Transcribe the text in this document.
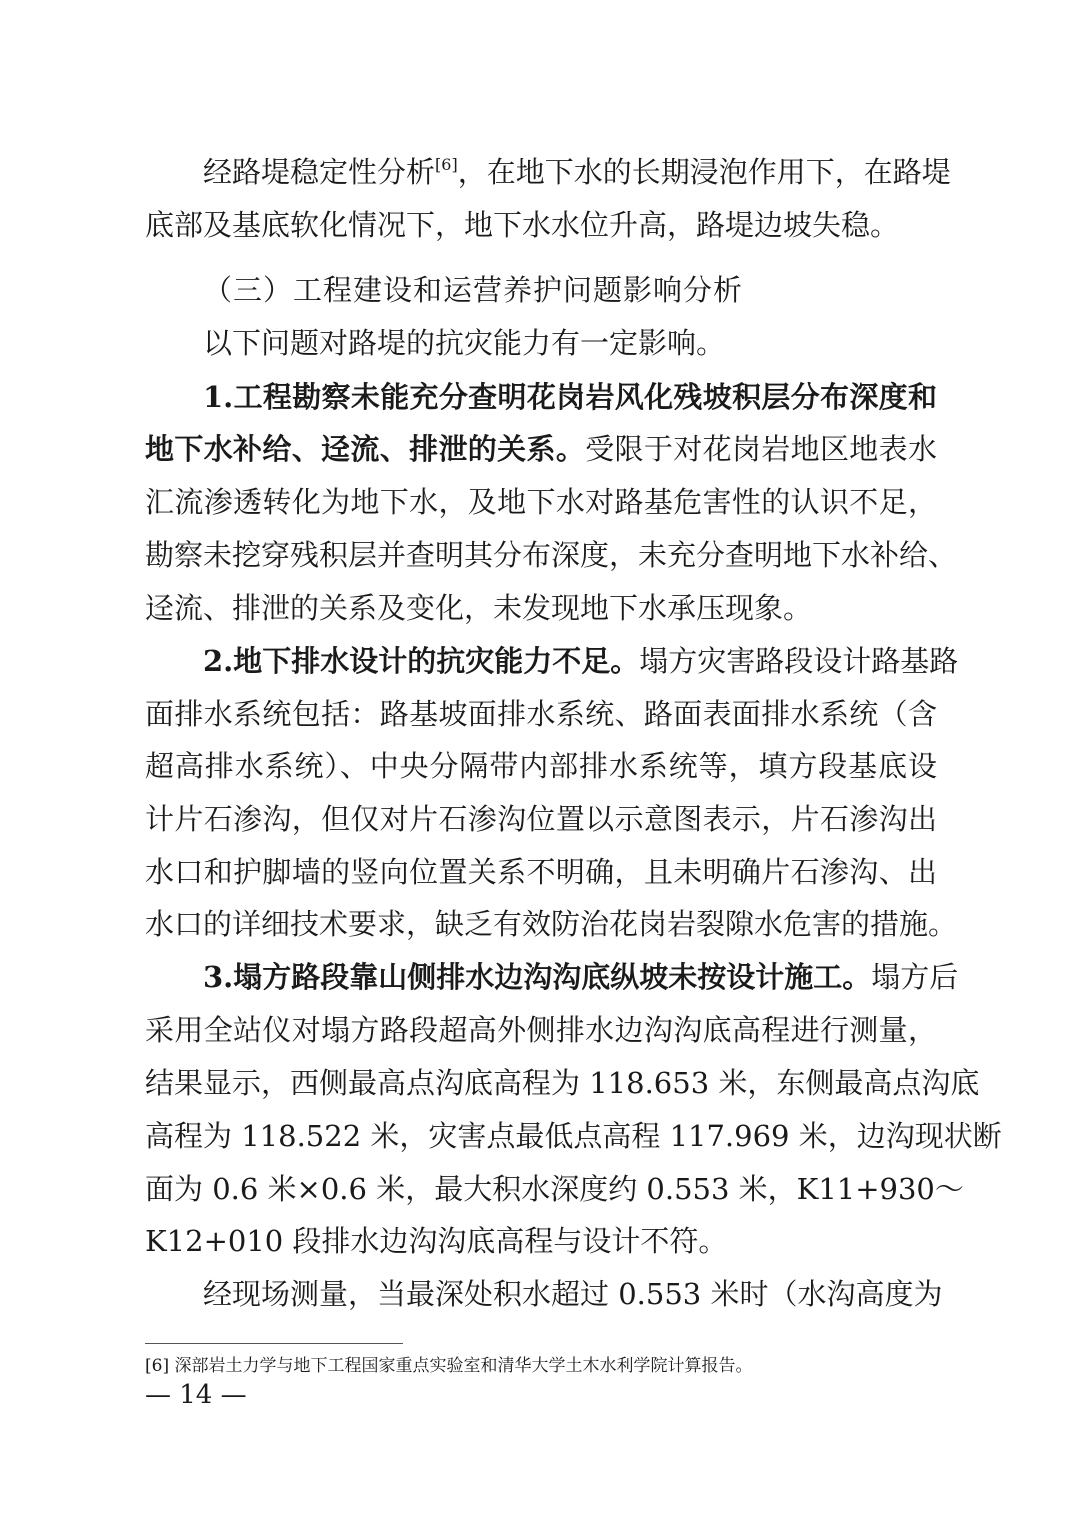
经路堤稳定性分析[6]，在地下水的长期浸泡作用下，在路堤
底部及基底软化情况下，地下水水位升高，路堤边坡失稳。
（三）工程建设和运营养护问题影响分析
以下问题对路堤的抗灾能力有一定影响。
1.工程勘察未能充分查明花岗岩风化残坡积层分布深度和
地下水补给、迳流、排泄的关系。受限于对花岗岩地区地表水
汇流渗透转化为地下水，及地下水对路基危害性的认识不足，
勘察未挖穿残积层并查明其分布深度，未充分查明地下水补给、
迳流、排泄的关系及变化，未发现地下水承压现象。
2.地下排水设计的抗灾能力不足。塌方灾害路段设计路基路
面排水系统包括：路基坡面排水系统、路面表面排水系统（含
超高排水系统）、中央分隔带内部排水系统等，填方段基底设
计片石渗沟，但仅对片石渗沟位置以示意图表示，片石渗沟出
水口和护脚墙的竖向位置关系不明确，且未明确片石渗沟、出
水口的详细技术要求，缺乏有效防治花岗岩裂隙水危害的措施。
3.塌方路段靠山侧排水边沟沟底纵坡未按设计施工。塌方后
采用全站仪对塌方路段超高外侧排水边沟沟底高程进行测量，
结果显示，西侧最高点沟底高程为 118.653 米，东侧最高点沟底
高程为 118.522 米，灾害点最低点高程 117.969 米，边沟现状断
面为 0.6 米×0.6 米，最大积水深度约 0.553 米，K11+930～
K12+010 段排水边沟沟底高程与设计不符。
经现场测量，当最深处积水超过 0.553 米时（水沟高度为
[6] 深部岩土力学与地下工程国家重点实验室和清华大学土木水利学院计算报告。
— 14 —
